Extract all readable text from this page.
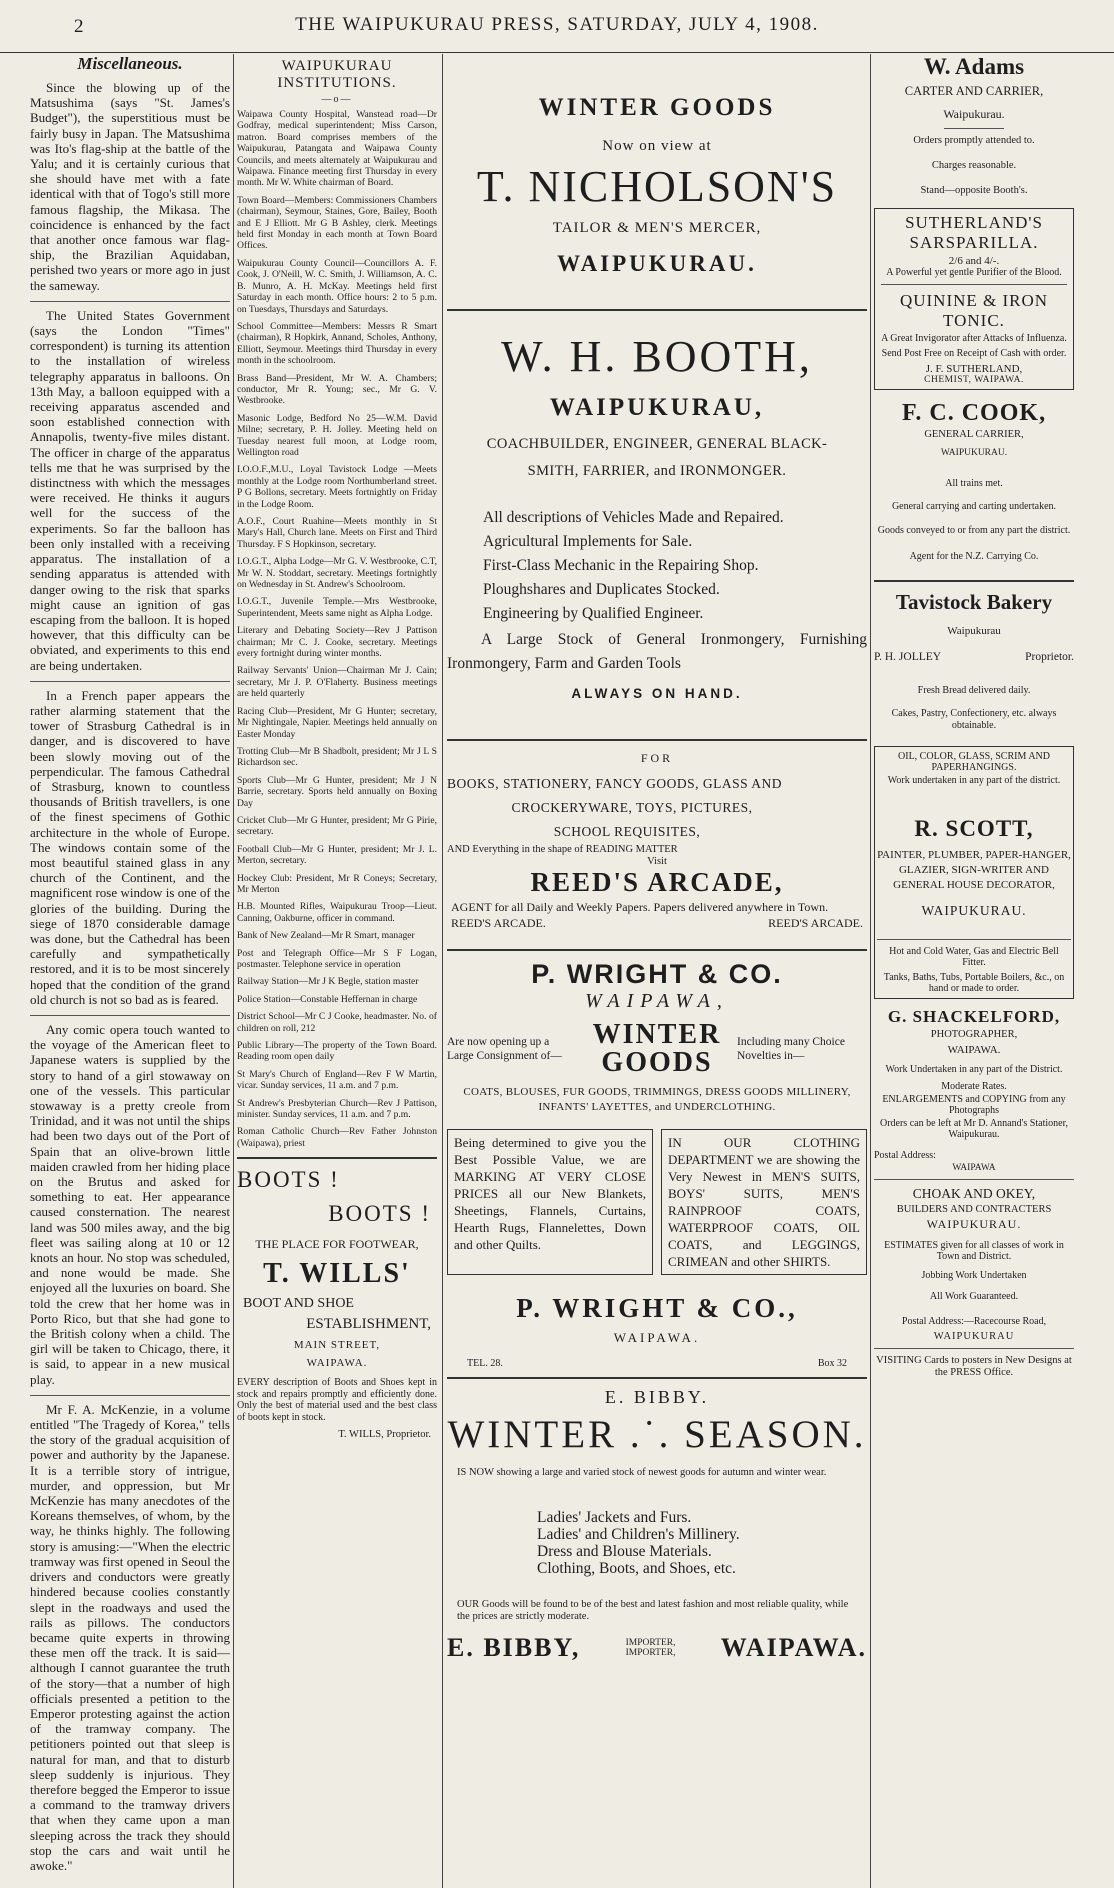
2	THE WAIPUKURAU PRESS, SATURDAY, JULY 4, 1908.
Miscellaneous.

Since the blowing up of the Matsushima (says "St. James's Budget"), the superstitious must be fairly busy in Japan. The Matsushima was Ito's flag-ship at the battle of the Yalu; and it is certainly curious that she should have met with a fate identical with that of Togo's still more famous flagship, the Mikasa. The coincidence is enhanced by the fact that another once famous war flag-ship, the Brazilian Aquidaban, perished two years or more ago in just the sameway.

The United States Government (says the London "Times" correspondent) is turning its attention to the installation of wireless telegraphy apparatus in balloons. On 13th May, a balloon equipped with a receiving apparatus ascended and soon established connection with Annapolis, twenty-five miles distant. The officer in charge of the apparatus tells me that he was surprised by the distinctness with which the messages were received. He thinks it augurs well for the success of the experiments. So far the balloon has been only installed with a receiving apparatus. The installation of a sending apparatus is attended with danger owing to the risk that sparks might cause an ignition of gas escaping from the balloon. It is hoped however, that this difficulty can be obviated, and experiments to this end are being undertaken.

In a French paper appears the rather alarming statement that the tower of Strasburg Cathedral is in danger, and is discovered to have been slowly moving out of the perpendicular. The famous Cathedral of Strasburg, known to countless thousands of British travellers, is one of the finest specimens of Gothic architecture in the whole of Europe. The windows contain some of the most beautiful stained glass in any church of the Continent, and the magnificent rose window is one of the glories of the building. During the siege of 1870 considerable damage was done, but the Cathedral has been carefully and sympathetically restored, and it is to be most sincerely hoped that the condition of the grand old church is not so bad as is feared.

Any comic opera touch wanted to the voyage of the American fleet to Japanese waters is supplied by the story to hand of a girl stowaway on one of the vessels. This particular stowaway is a pretty creole from Trinidad, and it was not until the ships had been two days out of the Port of Spain that an olive-brown little maiden crawled from her hiding place on the Brutus and asked for something to eat. Her appearance caused consternation. The nearest land was 500 miles away, and the big fleet was sailing along at 10 or 12 knots an hour. No stop was scheduled, and none would be made. She enjoyed all the luxuries on board. She told the crew that her home was in Porto Rico, but that she had gone to the British colony when a child. The girl will be taken to Chicago, there, it is said, to appear in a new musical play.

Mr F. A. McKenzie, in a volume entitled "The Tragedy of Korea," tells the story of the gradual acquisition of power and authority by the Japanese. It is a terrible story of intrigue, murder, and oppression, but Mr McKenzie has many anecdotes of the Koreans themselves, of whom, by the way, he thinks highly. The following story is amusing:—"When the electric tramway was first opened in Seoul the drivers and conductors were greatly hindered because coolies constantly slept in the roadways and used the rails as pillows. The conductors became quite experts in throwing these men off the track. It is said—although I cannot guarantee the truth of the story—that a number of high officials presented a petition to the Emperor protesting against the action of the tramway company. The petitioners pointed out that sleep is natural for man, and that to disturb sleep suddenly is injurious. They therefore begged the Emperor to issue a command to the tramway drivers that when they came upon a man sleeping across the track they should stop the cars and wait until he awoke."

WAIPUKURAU INSTITUTIONS.
—o—

Waipawa County Hospital, Wanstead road—Dr Godfray, medical superintendent; Miss Carson, matron. Board comprises members of the Waipukurau, Patangata and Waipawa County Councils, and meets alternately at Waipukurau and Waipawa. Finance meeting first Thursday in every month. Mr W. White chairman of Board.

Town Board—Members: Commissioners Chambers (chairman), Seymour, Staines, Gore, Bailey, Booth and E J Elliott. Mr G B Ashley, clerk. Meetings held first Monday in each month at Town Board Offices.

Waipukurau County Council—Councillors A. F. Cook, J. O'Neill, W. C. Smith, J. Williamson, A. C. B. Munro, A. H. McKay. Meetings held first Saturday in each month. Office hours: 2 to 5 p.m. on Tuesdays, Thursdays and Saturdays.

School Committee—Members: Messrs R Smart (chairman), R Hopkirk, Annand, Scholes, Anthony, Elliott, Seymour. Meetings third Thursday in every month in the schoolroom.

Brass Band—President, Mr W. A. Chambers; conductor, Mr R. Young; sec., Mr G. V. Westbrooke.

Masonic Lodge, Bedford No 25—W.M. David Milne; secretary, P. H. Jolley. Meeting held on Tuesday nearest full moon, at Lodge room, Wellington road

I.O.O.F.,M.U., Loyal Tavistock Lodge —Meets monthly at the Lodge room Northumberland street. P G Bollons, secretary. Meets fortnightly on Friday in the Lodge Room.

A.O.F., Court Ruahine—Meets monthly in St Mary's Hall, Church lane. Meets on First and Third Thursday. F S Hopkinson, secretary.

I.O.G.T., Alpha Lodge—Mr G. V. Westbrooke, C.T, Mr W. N. Stoddart, secretary. Meetings fortnightly on Wednesday in St. Andrew's Schoolroom.

I.O.G.T., Juvenile Temple.—Mrs Westbrooke, Superintendent, Meets same night as Alpha Lodge.

Literary and Debating Society—Rev J Pattison chairman; Mr C. J. Cooke, secretary. Meetings every fortnight during winter months.

Railway Servants' Union—Chairman Mr J. Cain; secretary, Mr J. P. O'Flaherty. Business meetings are held quarterly

Racing Club—President, Mr G Hunter; secretary, Mr Nightingale, Napier. Meetings held annually on Easter Monday

Trotting Club—Mr B Shadbolt, president; Mr J L S Richardson sec.

Sports Club—Mr G Hunter, president; Mr J N Barrie, secretary. Sports held annually on Boxing Day

Cricket Club—Mr G Hunter, president; Mr G Pirie, secretary.

Football Club—Mr G Hunter, president; Mr J. L. Merton, secretary.

Hockey Club: President, Mr R Coneys; Secretary, Mr Merton

H.B. Mounted Rifles, Waipukurau Troop—Lieut. Canning, Oakburne, officer in command.

Bank of New Zealand—Mr R Smart, manager

Post and Telegraph Office—Mr S F Logan, postmaster. Telephone service in operation

Railway Station—Mr J K Begle, station master

Police Station—Constable Heffernan in charge

District School—Mr C J Cooke, headmaster. No. of children on roll, 212

Public Library—The property of the Town Board. Reading room open daily

St Mary's Church of England—Rev F W Martin, vicar. Sunday services, 11 a.m. and 7 p.m.

St Andrew's Presbyterian Church—Rev J Pattison, minister. Sunday services, 11 a.m. and 7 p.m.

Roman Catholic Church—Rev Father Johnston (Waipawa), priest

BOOTS !
BOOTS !
THE PLACE FOR FOOTWEAR,
T. WILLS'
BOOT AND SHOE
ESTABLISHMENT,
MAIN STREET,
WAIPAWA.

EVERY description of Boots and Shoes kept in stock and repairs promptly and efficiently done. Only the best of material used and the best class of boots kept in stock.

T. WILLS, Proprietor.
WINTER GOODS
Now on view at
T. NICHOLSON'S
TAILOR & MEN'S MERCER,
WAIPUKURAU.
W. H. BOOTH,
WAIPUKURAU,
COACHBUILDER, ENGINEER, GENERAL BLACK-
SMITH, FARRIER, and IRONMONGER.

All descriptions of Vehicles Made and Repaired.

Agricultural Implements for Sale.

First-Class Mechanic in the Repairing Shop.

Ploughshares and Duplicates Stocked.

Engineering by Qualified Engineer.

A Large Stock of General Ironmongery, Furnishing Ironmongery, Farm and Garden Tools
ALWAYS ON HAND.
FOR
BOOKS, STATIONERY, FANCY GOODS, GLASS AND
CROCKERYWARE, TOYS, PICTURES,
SCHOOL REQUISITES,
AND Everything in the shape of READING MATTER
Visit
REED'S ARCADE,
AGENT for all Daily and Weekly Papers. Papers delivered anywhere in Town.
REED'S ARCADE.	REED'S ARCADE.
P. WRIGHT & CO.
WAIPAWA,
Are now opening up a Large Consignment of—
WINTER
GOODS
Including many Choice Novelties in—
COATS, BLOUSES, FUR GOODS, TRIMMINGS, DRESS GOODS MILLINERY, INFANTS' LAYETTES, and UNDERCLOTHING.
Being determined to give you the Best Possible Value, we are MARKING AT VERY CLOSE PRICES all our New Blankets, Sheetings, Flannels, Curtains, Hearth Rugs, Flannelettes, Down and other Quilts.
IN OUR CLOTHING DEPARTMENT we are showing the Very Newest in MEN'S SUITS, BOYS' SUITS, MEN'S RAINPROOF COATS, WATERPROOF COATS, OIL COATS, and LEGGINGS, CRIMEAN and other SHIRTS.
P. WRIGHT & CO.,
WAIPAWA.
TEL. 28.	Box 32
E. BIBBY.
WINTER .˙. SEASON.
IS NOW showing a large and varied stock of newest goods for autumn and winter wear.

Ladies' Jackets and Furs.

Ladies' and Children's Millinery.

Dress and Blouse Materials.

Clothing, Boots, and Shoes, etc.

OUR Goods will be found to be of the best and latest fashion and most reliable quality, while the prices are strictly moderate.
E. BIBBY,	IMPORTER,
IMPORTER, WAIPAWA.
W. Adams
CARTER AND CARRIER,
Waipukurau.
Orders promptly attended to.
Charges reasonable.
Stand—opposite Booth's.
SUTHERLAND'S
SARSPARILLA.
2/6 and 4/-.
A Powerful yet gentle Purifier of the Blood.
QUININE & IRON
TONIC.
A Great Invigorator after Attacks of Influenza.
Send Post Free on Receipt of Cash with order.
J. F. SUTHERLAND,
CHEMIST, WAIPAWA.
F. C. COOK,
GENERAL CARRIER,
WAIPUKURAU.
All trains met.
General carrying and carting undertaken.
Goods conveyed to or from any part the district.
Agent for the N.Z. Carrying Co.
Tavistock Bakery
Waipukurau
P. H. JOLLEY	Proprietor.
Fresh Bread delivered daily.
Cakes, Pastry, Confectionery, etc. always obtainable.
OIL, COLOR, GLASS, SCRIM AND PAPERHANGINGS.
Work undertaken in any part of the district.
R. SCOTT,
PAINTER, PLUMBER, PAPER-HANGER, GLAZIER, SIGN-WRITER AND GENERAL HOUSE DECORATOR,
WAIPUKURAU.
Hot and Cold Water, Gas and Electric Bell Fitter.
Tanks, Baths, Tubs, Portable Boilers, &c., on hand or made to order.
G. SHACKELFORD,
PHOTOGRAPHER,
WAIPAWA.
Work Undertaken in any part of the District.
Moderate Rates.
ENLARGEMENTS and COPYING from any Photographs
Orders can be left at Mr D. Annand's Stationer, Waipukurau.
Postal Address:
WAIPAWA
CHOAK AND OKEY,
BUILDERS AND CONTRACTERS
WAIPUKURAU.
ESTIMATES given for all classes of work in Town and District.
Jobbing Work Undertaken
All Work Guaranteed.
Postal Address:—Racecourse Road,
WAIPUKURAU
VISITING Cards to posters in New Designs at the PRESS Office.
